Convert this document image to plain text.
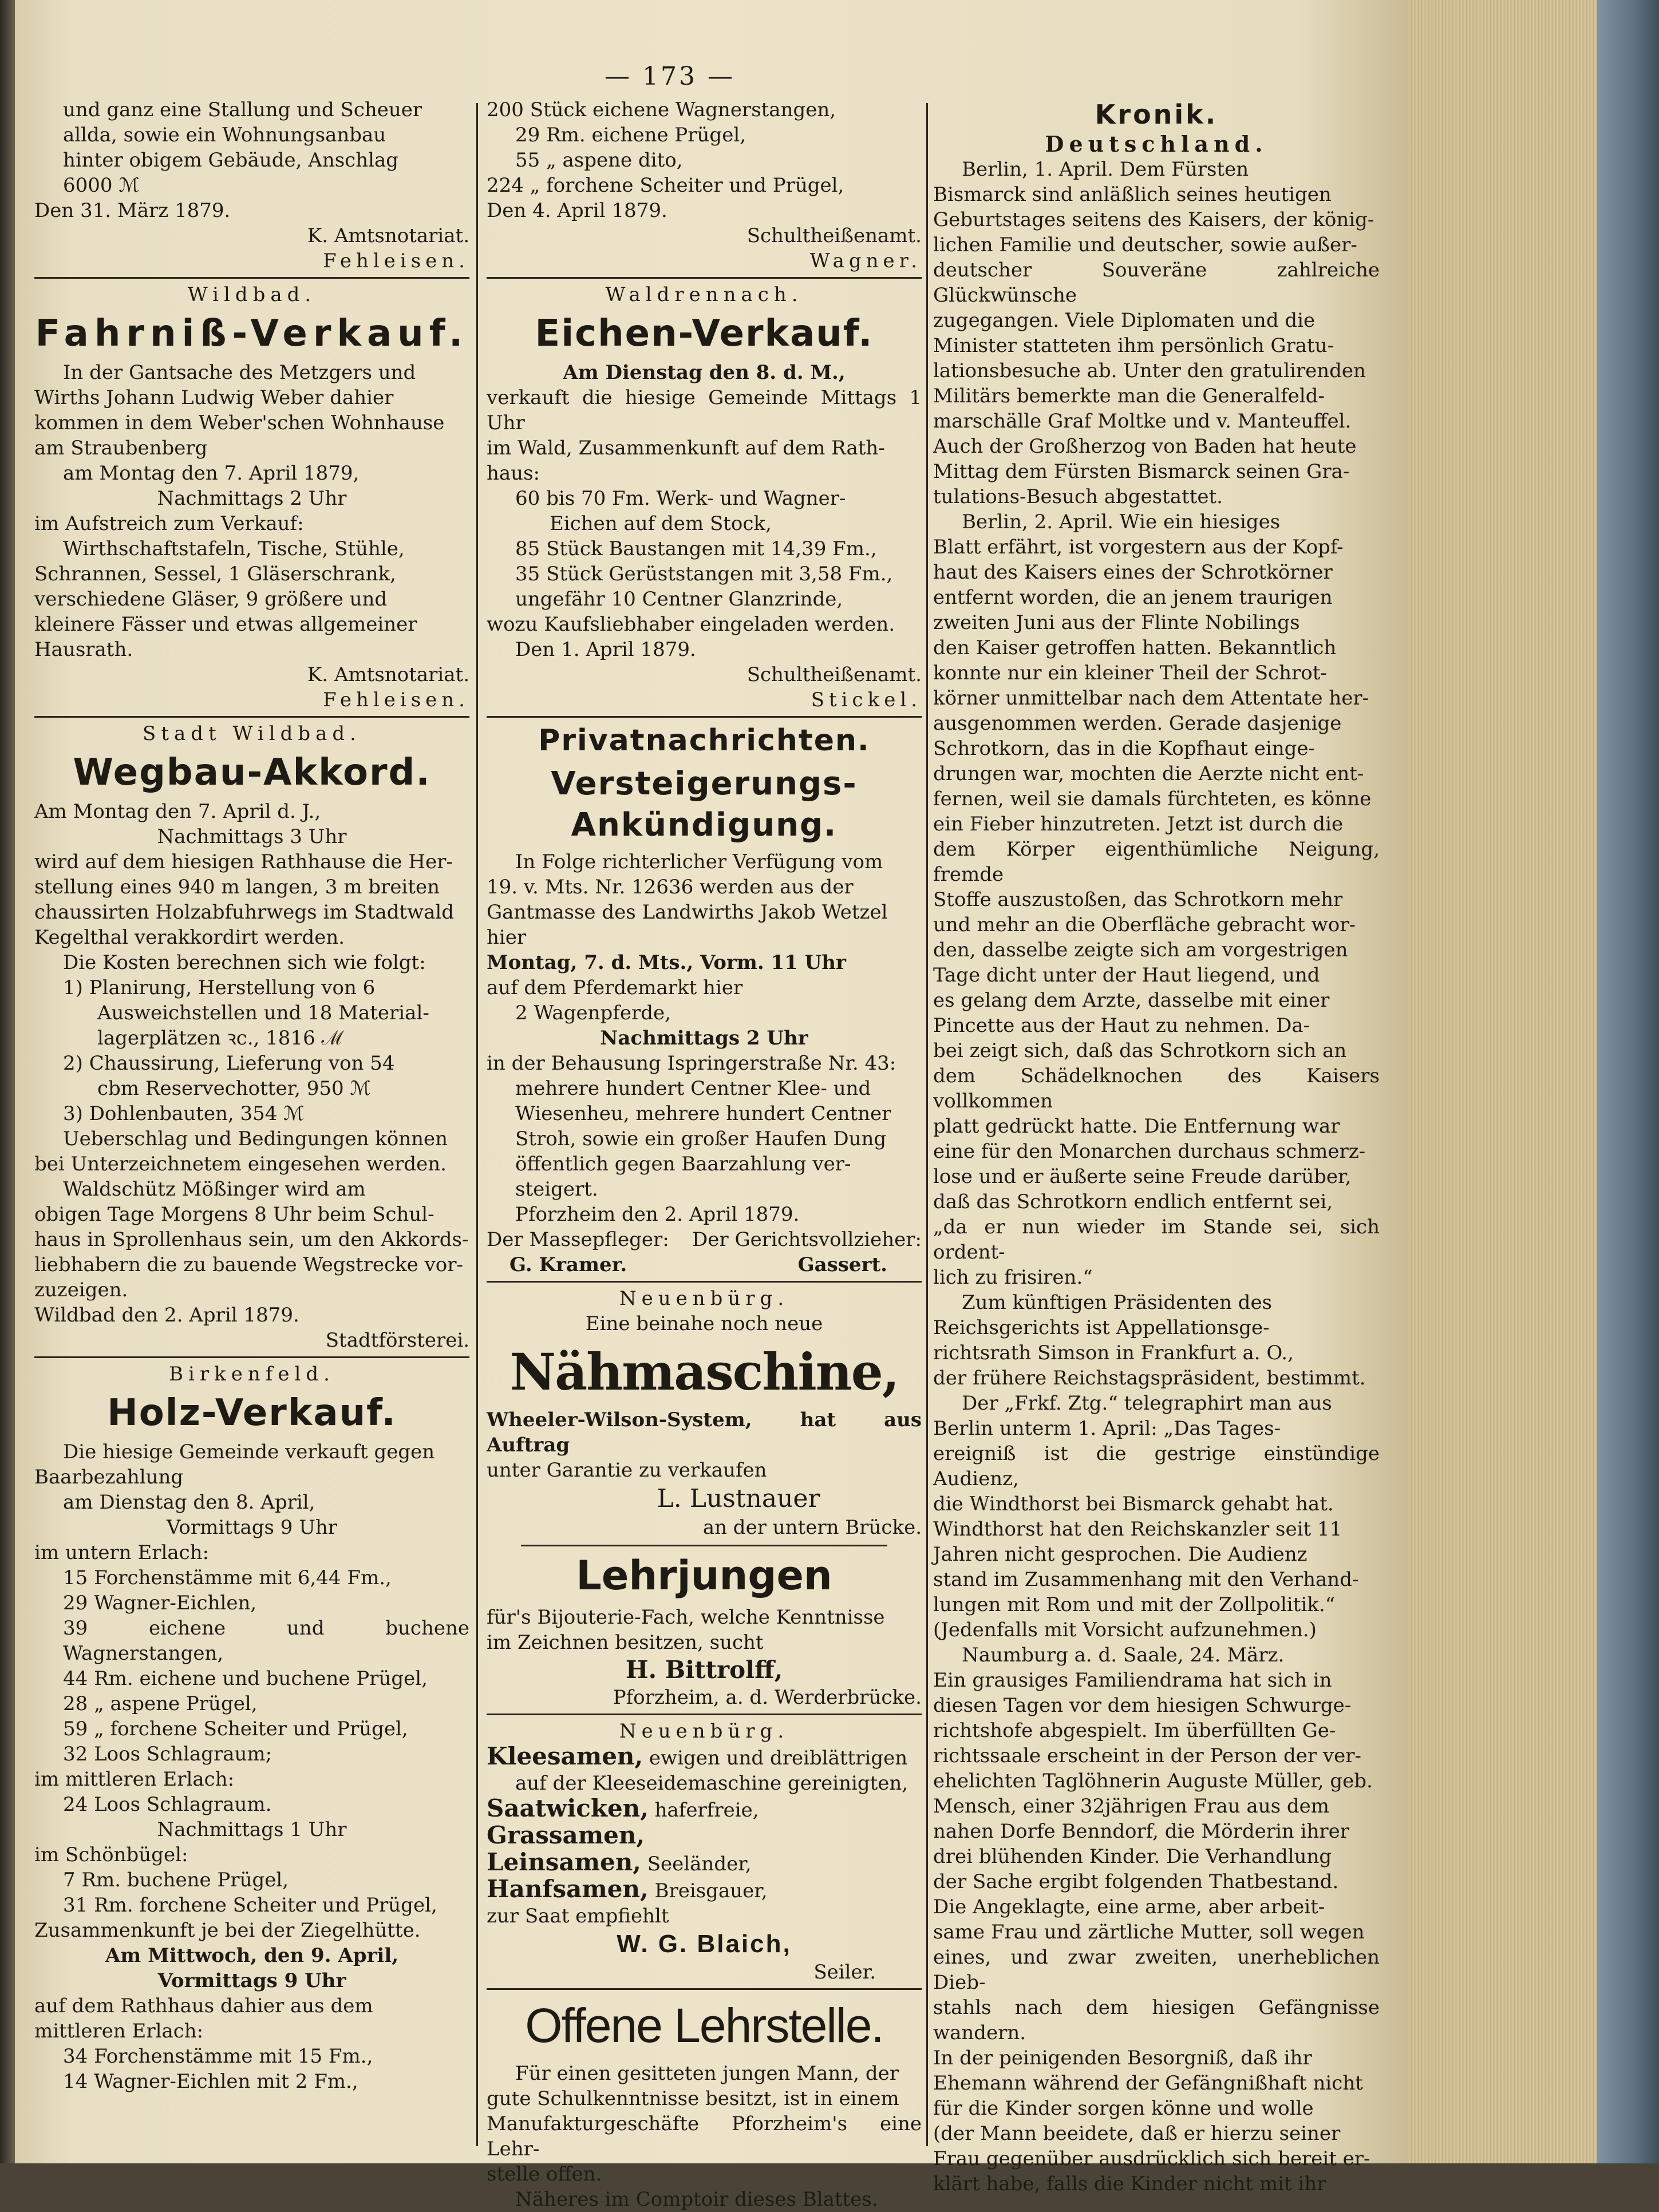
— 173 —

und ganz eine Stallung und Scheuer

allda, sowie ein Wohnungsanbau

hinter obigem Gebäude, Anschlag

6000 ℳ

Den 31. März 1879.

K. Amtsnotariat.

Fehleisen.

Wildbad.

Fahrniß-Verkauf.

In der Gantsache des Metzgers und

Wirths Johann Ludwig Weber dahier

kommen in dem Weber'schen Wohnhause

am Straubenberg

am Montag den 7. April 1879,

Nachmittags 2 Uhr

im Aufstreich zum Verkauf:

Wirthschaftstafeln, Tische, Stühle,

Schrannen, Sessel, 1 Gläserschrank,

verschiedene Gläser, 9 größere und

kleinere Fässer und etwas allgemeiner

Hausrath.

K. Amtsnotariat.

Fehleisen.

Stadt Wildbad.

Wegbau-Akkord.

Am Montag den 7. April d. J.,

Nachmittags 3 Uhr

wird auf dem hiesigen Rathhause die Her-

stellung eines 940 m langen, 3 m breiten

chaussirten Holzabfuhrwegs im Stadtwald

Kegelthal verakkordirt werden.

Die Kosten berechnen sich wie folgt:

1) Planirung, Herstellung von 6

Ausweichstellen und 18 Material-

lagerplätzen ꝛc., 1816 ℳ

2) Chaussirung, Lieferung von 54

cbm Reservechotter, 950 ℳ

3) Dohlenbauten, 354 ℳ

Ueberschlag und Bedingungen können

bei Unterzeichnetem eingesehen werden.

Waldschütz Mößinger wird am

obigen Tage Morgens 8 Uhr beim Schul-

haus in Sprollenhaus sein, um den Akkords-

liebhabern die zu bauende Wegstrecke vor-

zuzeigen.

Wildbad den 2. April 1879.

Stadtförsterei.

Birkenfeld.

Holz-Verkauf.

Die hiesige Gemeinde verkauft gegen

Baarbezahlung

am Dienstag den 8. April,

Vormittags 9 Uhr

im untern Erlach:

15 Forchenstämme mit 6,44 Fm.,

29 Wagner-Eichlen,

39 eichene und buchene Wagnerstangen,

44 Rm. eichene und buchene Prügel,

28 „ aspene Prügel,

59 „ forchene Scheiter und Prügel,

32 Loos Schlagraum;

im mittleren Erlach:

24 Loos Schlagraum.

Nachmittags 1 Uhr

im Schönbügel:

7 Rm. buchene Prügel,

31 Rm. forchene Scheiter und Prügel,

Zusammenkunft je bei der Ziegelhütte.

Am Mittwoch, den 9. April,

Vormittags 9 Uhr

auf dem Rathhaus dahier aus dem

mittleren Erlach:

34 Forchenstämme mit 15 Fm.,

14 Wagner-Eichlen mit 2 Fm.,

200 Stück eichene Wagnerstangen,

29 Rm. eichene Prügel,

55 „ aspene dito,

224 „ forchene Scheiter und Prügel,

Den 4. April 1879.

Schultheißenamt.

Wagner.

Waldrennach.

Eichen-Verkauf.

Am Dienstag den 8. d. M.,

verkauft die hiesige Gemeinde Mittags 1 Uhr

im Wald, Zusammenkunft auf dem Rath-

haus:

60 bis 70 Fm. Werk- und Wagner-

Eichen auf dem Stock,

85 Stück Baustangen mit 14,39 Fm.,

35 Stück Gerüststangen mit 3,58 Fm.,

ungefähr 10 Centner Glanzrinde,

wozu Kaufsliebhaber eingeladen werden.

Den 1. April 1879.

Schultheißenamt.

Stickel.

Privatnachrichten.
Versteigerungs-Ankündigung.

In Folge richterlicher Verfügung vom

19. v. Mts. Nr. 12636 werden aus der

Gantmasse des Landwirths Jakob Wetzel

hier

Montag, 7. d. Mts., Vorm. 11 Uhr

auf dem Pferdemarkt hier

2 Wagenpferde,

Nachmittags 2 Uhr

in der Behausung Ispringerstraße Nr. 43:

mehrere hundert Centner Klee- und

Wiesenheu, mehrere hundert Centner

Stroh, sowie ein großer Haufen Dung

öffentlich gegen Baarzahlung ver-

steigert.

Pforzheim den 2. April 1879.

Der Massepfleger: Der Gerichtsvollzieher:
G. Kramer.	Gassert.

Neuenbürg.

Eine beinahe noch neue

Nähmaschine,

Wheeler-Wilson-System, hat aus Auftrag

unter Garantie zu verkaufen

L. Lustnauer

an der untern Brücke.

Lehrjungen

für's Bijouterie-Fach, welche Kenntnisse

im Zeichnen besitzen, sucht

H. Bittrolff,

Pforzheim, a. d. Werderbrücke.

Neuenbürg.

Kleesamen, ewigen und dreiblättrigen

auf der Kleeseidemaschine gereinigten,

Saatwicken, haferfreie,

Grassamen,

Leinsamen, Seeländer,

Hanfsamen, Breisgauer,

zur Saat empfiehlt

W. G. Blaich,

Seiler.

Offene Lehrstelle.

Für einen gesitteten jungen Mann, der

gute Schulkenntnisse besitzt, ist in einem

Manufakturgeschäfte Pforzheim's eine Lehr-

stelle offen.

Näheres im Comptoir dieses Blattes.

Kronik.

Deutschland.

Berlin, 1. April. Dem Fürsten

Bismarck sind anläßlich seines heutigen

Geburtstages seitens des Kaisers, der könig-

lichen Familie und deutscher, sowie außer-

deutscher Souveräne zahlreiche Glückwünsche

zugegangen. Viele Diplomaten und die

Minister statteten ihm persönlich Gratu-

lationsbesuche ab. Unter den gratulirenden

Militärs bemerkte man die Generalfeld-

marschälle Graf Moltke und v. Manteuffel.

Auch der Großherzog von Baden hat heute

Mittag dem Fürsten Bismarck seinen Gra-

tulations-Besuch abgestattet.

Berlin, 2. April. Wie ein hiesiges

Blatt erfährt, ist vorgestern aus der Kopf-

haut des Kaisers eines der Schrotkörner

entfernt worden, die an jenem traurigen

zweiten Juni aus der Flinte Nobilings

den Kaiser getroffen hatten. Bekanntlich

konnte nur ein kleiner Theil der Schrot-

körner unmittelbar nach dem Attentate her-

ausgenommen werden. Gerade dasjenige

Schrotkorn, das in die Kopfhaut einge-

drungen war, mochten die Aerzte nicht ent-

fernen, weil sie damals fürchteten, es könne

ein Fieber hinzutreten. Jetzt ist durch die

dem Körper eigenthümliche Neigung, fremde

Stoffe auszustoßen, das Schrotkorn mehr

und mehr an die Oberfläche gebracht wor-

den, dasselbe zeigte sich am vorgestrigen

Tage dicht unter der Haut liegend, und

es gelang dem Arzte, dasselbe mit einer

Pincette aus der Haut zu nehmen. Da-

bei zeigt sich, daß das Schrotkorn sich an

dem Schädelknochen des Kaisers vollkommen

platt gedrückt hatte. Die Entfernung war

eine für den Monarchen durchaus schmerz-

lose und er äußerte seine Freude darüber,

daß das Schrotkorn endlich entfernt sei,

„da er nun wieder im Stande sei, sich ordent-

lich zu frisiren.“

Zum künftigen Präsidenten des

Reichsgerichts ist Appellationsge-

richtsrath Simson in Frankfurt a. O.,

der frühere Reichstagspräsident, bestimmt.

Der „Frkf. Ztg.“ telegraphirt man aus

Berlin unterm 1. April: „Das Tages-

ereigniß ist die gestrige einstündige Audienz,

die Windthorst bei Bismarck gehabt hat.

Windthorst hat den Reichskanzler seit 11

Jahren nicht gesprochen. Die Audienz

stand im Zusammenhang mit den Verhand-

lungen mit Rom und mit der Zollpolitik.“

(Jedenfalls mit Vorsicht aufzunehmen.)

Naumburg a. d. Saale, 24. März.

Ein grausiges Familiendrama hat sich in

diesen Tagen vor dem hiesigen Schwurge-

richtshofe abgespielt. Im überfüllten Ge-

richtssaale erscheint in der Person der ver-

ehelichten Taglöhnerin Auguste Müller, geb.

Mensch, einer 32jährigen Frau aus dem

nahen Dorfe Benndorf, die Mörderin ihrer

drei blühenden Kinder. Die Verhandlung

der Sache ergibt folgenden Thatbestand.

Die Angeklagte, eine arme, aber arbeit-

same Frau und zärtliche Mutter, soll wegen

eines, und zwar zweiten, unerheblichen Dieb-

stahls nach dem hiesigen Gefängnisse wandern.

In der peinigenden Besorgniß, daß ihr

Ehemann während der Gefängnißhaft nicht

für die Kinder sorgen könne und wolle

(der Mann beeidete, daß er hierzu seiner

Frau gegenüber ausdrücklich sich bereit er-

klärt habe, falls die Kinder nicht mit ihr
